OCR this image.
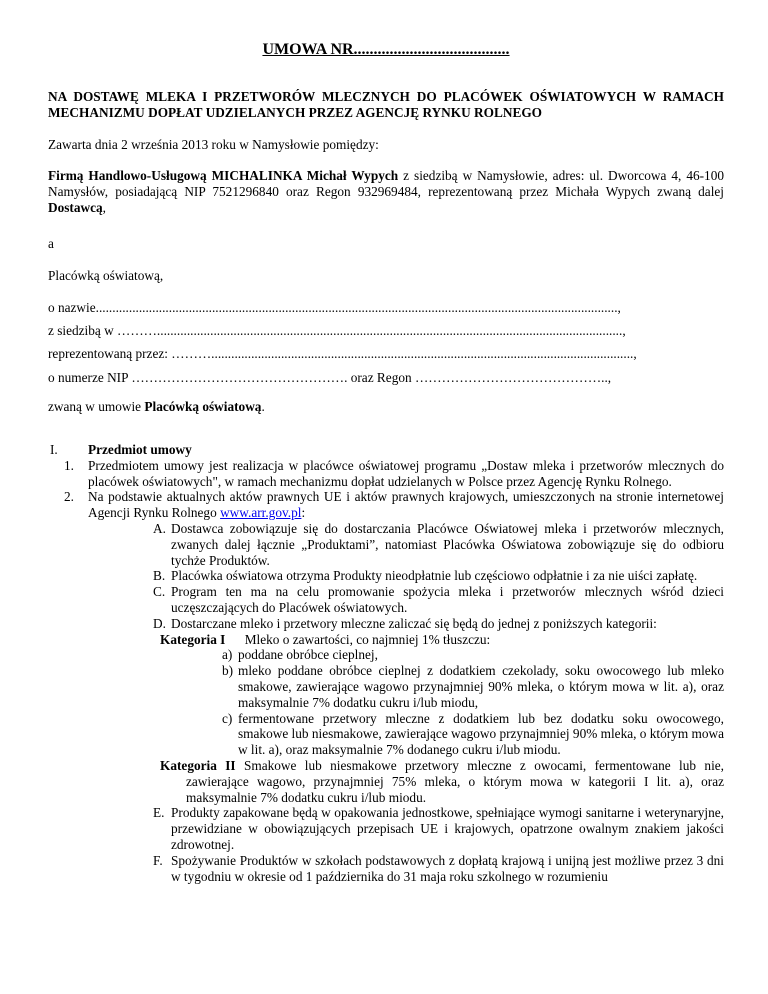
UMOWA NR.......................................
NA DOSTAWĘ MLEKA I PRZETWORÓW MLECZNYCH DO PLACÓWEK OŚWIATOWYCH W RAMACH MECHANIZMU DOPŁAT UDZIELANYCH PRZEZ AGENCJĘ RYNKU ROLNEGO
Zawarta dnia 2 września 2013 roku w Namysłowie pomiędzy:
Firmą Handlowo-Usługową MICHALINKA Michał Wypych z siedzibą w Namysłowie, adres: ul. Dworcowa 4, 46-100 Namysłów, posiadającą NIP 7521296840 oraz Regon 932969484, reprezentowaną przez Michała Wypych zwaną dalej Dostawcą,
a
Placówką oświatową,
o nazwie.............................................................................................................................................................,
z siedzibą w ………............................................................................................................................................,
reprezentowaną przez: ………...............................................................................................................................,
o numerze NIP …………………………………………. oraz Regon ……………………………………..,
zwaną w umowie Placówką oświatową.
I. Przedmiot umowy
1. Przedmiotem umowy jest realizacja w placówce oświatowej programu „Dostaw mleka i przetworów mlecznych do placówek oświatowych", w ramach mechanizmu dopłat udzielanych w Polsce przez Agencję Rynku Rolnego.
2. Na podstawie aktualnych aktów prawnych UE i aktów prawnych krajowych, umieszczonych na stronie internetowej Agencji Rynku Rolnego www.arr.gov.pl:
A. Dostawca zobowiązuje się do dostarczania Placówce Oświatowej mleka i przetworów mlecznych, zwanych dalej łącznie „Produktami”, natomiast Placówka Oświatowa zobowiązuje się do odbioru tychże Produktów.
B. Placówka oświatowa otrzyma Produkty nieodpłatnie lub częściowo odpłatnie i za nie uiści zapłatę.
C. Program ten ma na celu promowanie spożycia mleka i przetworów mlecznych wśród dzieci uczęszczających do Placówek oświatowych.
D. Dostarczane mleko i przetwory mleczne zaliczać się będą do jednej z poniższych kategorii:
Kategoria I Mleko o zawartości, co najmniej 1% tłuszczu:
a) poddane obróbce cieplnej,
b) mleko poddane obróbce cieplnej z dodatkiem czekolady, soku owocowego lub mleko smakowe, zawierające wagowo przynajmniej 90% mleka, o którym mowa w lit. a), oraz maksymalnie 7% dodatku cukru i/lub miodu,
c) fermentowane przetwory mleczne z dodatkiem lub bez dodatku soku owocowego, smakowe lub niesmakowe, zawierające wagowo przynajmniej 90% mleka, o którym mowa w lit. a), oraz maksymalnie 7% dodanego cukru i/lub miodu.
Kategoria II Smakowe lub niesmakowe przetwory mleczne z owocami, fermentowane lub nie, zawierające wagowo, przynajmniej 75% mleka, o którym mowa w kategorii I lit. a), oraz maksymalnie 7% dodatku cukru i/lub miodu.
E. Produkty zapakowane będą w opakowania jednostkowe, spełniające wymogi sanitarne i weterynaryjne, przewidziane w obowiązujących przepisach UE i krajowych, opatrzone owalnym znakiem jakości zdrowotnej.
F. Spożywanie Produktów w szkołach podstawowych z dopłatą krajową i unijną jest możliwe przez 3 dni w tygodniu w okresie od 1 października do 31 maja roku szkolnego w rozumieniu
